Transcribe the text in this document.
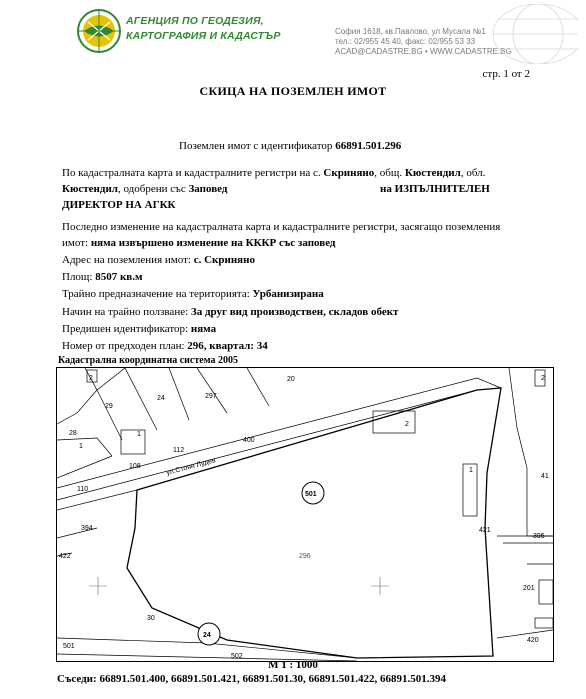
АГЕНЦИЯ ПО ГЕОДЕЗИЯ,
КАРТОГРАФИЯ И КАДАСТЪР	София 1618, кв.Павлово, ул Мусала №1
тел.: 02/955 45 40, факс: 02/955 53 33
ACAD@CADASTRE.BG • WWW.CADASTRE.BG
стр. 1 от 2
СКИЦА НА ПОЗЕМЛЕН ИМОТ
Поземлен имот с идентификатор 66891.501.296
По кадастралната карта и кадастралните регистри на с. Скриняно, общ. Кюстендил, обл.
Кюстендил, одобрени със Заповед	на ИЗПЪЛНИТЕЛЕН
ДИРЕКТОР НА АГКК
Последно изменение на кадастралната карта и кадастралните регистри, засягащо поземления
имот: няма извършено изменение на КККР със заповед
Адрес на поземления имот: с. Скриняно
Площ: 8507 кв.м
Трайно предназначение на територията: Урбанизирана
Начин на трайно ползване: За друг вид производствен, складов обект
Предишен идентификатор: няма
Номер от предходен план: 296, квартал: 34
Кадастрална координатна система 2005
2
29
24	297
20
2
400
28
1
1
112
108	ул.Стоян Лудев
110
501
1
2
394	421
41
395
422	296
201
30
24
420
501
502
М 1 : 1000
Съседи: 66891.501.400, 66891.501.421, 66891.501.30, 66891.501.422, 66891.501.394
